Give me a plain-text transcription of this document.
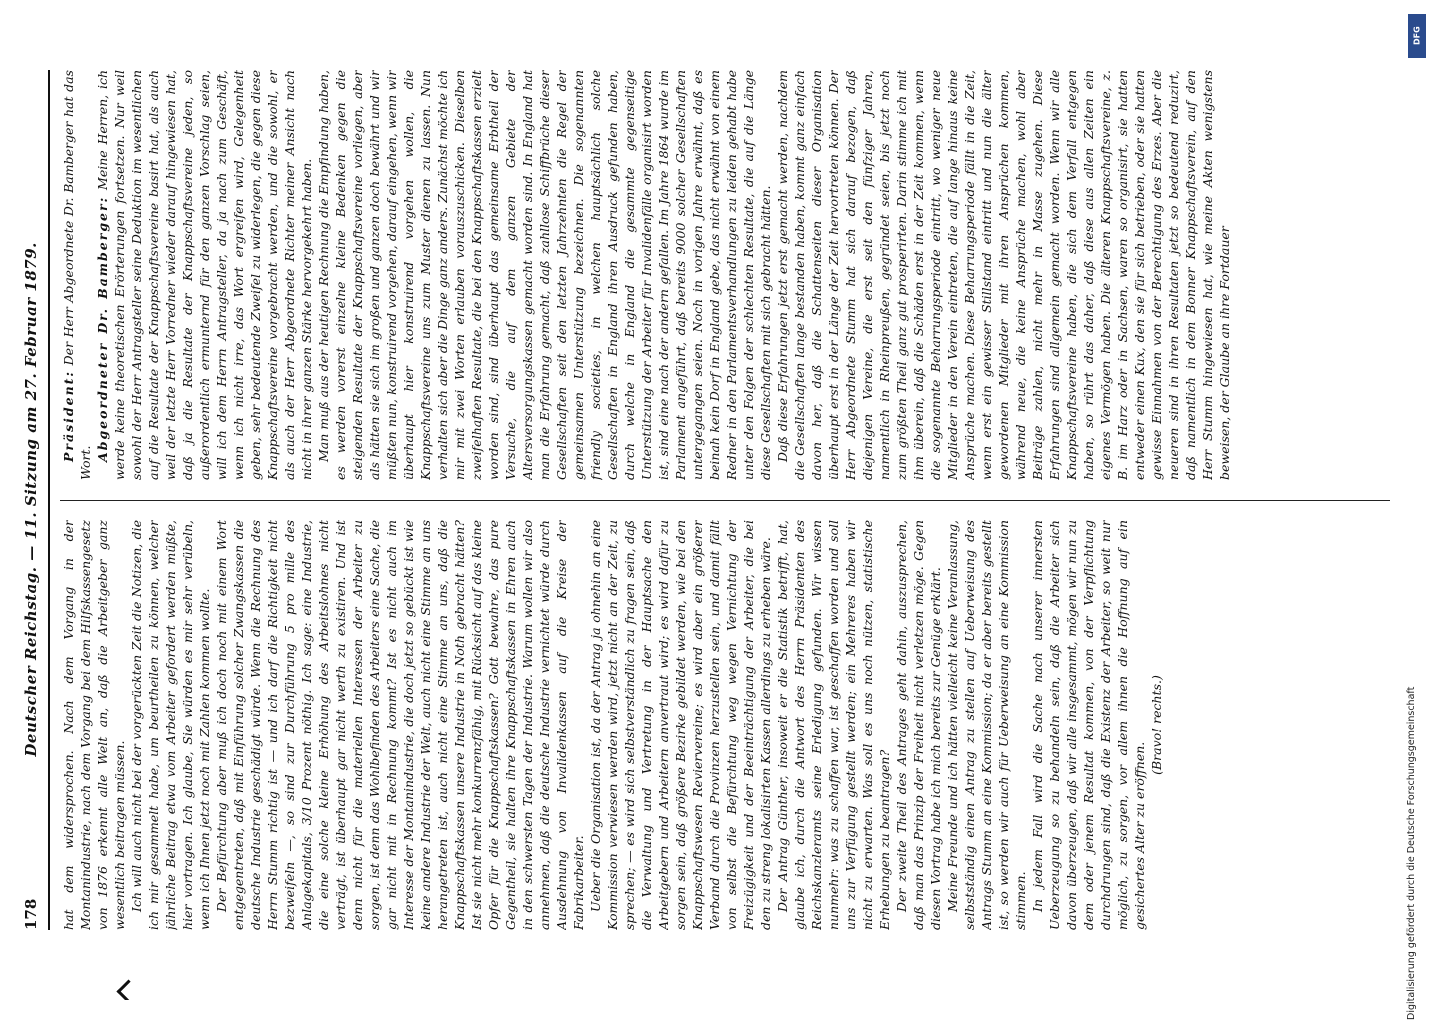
178
Deutscher Reichstag. — 11. Sitzung am 27. Februar 1879. hat dem widersprochen. Nach dem Vorgang in der Montanindustrie, nach dem Vorgang bei dem Hilfskassengesetz von 1876 erkennt alle Welt an, daß die Arbeitgeber ganz wesentlich beitragen müssen. Ich will auch nicht bei der vorgerückten Zeit die Notizen, die ich mir gesammelt habe, um beurtheilen zu können, welcher jährliche Beitrag etwa vom Arbeiter gefordert werden müßte, hier vortragen. Ich glaube, Sie würden es mir sehr verübeln, wenn ich Ihnen jetzt noch mit Zahlen kommen wollte. Der Befürchtung aber muß ich doch noch mit einem Wort entgegentreten, daß mit Einführung solcher Zwangskassen die deutsche Industrie geschädigt würde. Wenn die Rechnung des Herrn Stumm richtig ist — und ich darf die Richtigkeit nicht bezweifeln —, so sind zur Durchführung 5 pro mille des Anlagekapitals, 3/10 Prozent nöthig. Ich sage: eine Industrie, die eine solche kleine Erhöhung des Arbeitslohnes nicht verträgt, ist überhaupt gar nicht werth zu existiren. Und ist denn nicht für die materiellen Interessen der Arbeiter zu sorgen, ist denn das Wohlbefinden des Arbeiters eine Sache, die gar nicht mit in Rechnung kommt? Ist es nicht auch im Interesse der Montanindustrie, die doch jetzt so gebückt ist wie keine andere Industrie der Welt, auch nicht eine Stimme an uns herangetreten ist, auch nicht eine Stimme an uns, daß die Knappschaftskassen unsere Industrie in Noth gebracht hätten? Ist sie nicht mehr konkurrenzfähig, mit Rücksicht auf das kleine Opfer für die Knappschaftskassen? Gott bewahre, das pure Gegentheil, sie halten ihre Knappschaftskassen in Ehren auch in den schwersten Tagen der Industrie. Warum wollen wir also annehmen, daß die deutsche Industrie vernichtet würde durch Ausdehnung von Invalidenkassen auf die Kreise der Fabrikarbeiter. Ueber die Organisation ist, da der Antrag ja ohnehin an eine Kommission verwiesen werden wird, jetzt nicht an der Zeit, zu sprechen; — es wird sich selbstverständlich zu fragen sein, daß die Verwaltung und Vertretung in der Hauptsache den Arbeitgebern und Arbeitern anvertraut wird; es wird dafür zu sorgen sein, daß größere Bezirke gebildet werden, wie bei den Knappschaftswesen Reviervereine; es wird aber ein größerer Verband durch die Provinzen herzustellen sein, und damit fällt von selbst die Befürchtung weg wegen Vernichtung der Freizügigkeit und der Beeinträchtigung der Arbeiter, die bei den zu streng lokalisirten Kassen allerdings zu erheben wäre. Der Antrag Günther, insoweit er die Statistik betrifft, hat, glaube ich, durch die Antwort des Herrn Präsidenten des Reichskanzleramts seine Erledigung gefunden. Wir wissen nunmehr: was zu schaffen war, ist geschaffen worden und soll uns zur Verfügung gestellt werden; ein Mehreres haben wir nicht zu erwarten. Was soll es uns noch nützen, statistische Erhebungen zu beantragen? Der zweite Theil des Antrages geht dahin, auszusprechen, daß man das Prinzip der Freiheit nicht verletzen möge. Gegen diesen Vortrag habe ich mich bereits zur Genüge erklärt. Meine Freunde und ich hätten vielleicht keine Veranlassung, selbstständig einen Antrag zu stellen auf Ueberweisung des Antrags Stumm an eine Kommission; da er aber bereits gestellt ist, so werden wir auch für Ueberweisung an eine Kommission stimmen. In jedem Fall wird die Sache nach unserer innersten Ueberzeugung so zu behandeln sein, daß die Arbeiter sich davon überzeugen, daß wir alle insgesammt, mögen wir nun zu dem oder jenem Resultat kommen, von der Verpflichtung durchdrungen sind, daß die Existenz der Arbeiter, so weit nur möglich, zu sorgen, vor allem ihnen die Hoffnung auf ein gesichertes Alter zu eröffnen.

(Bravo! rechts.)

Präsident: Der Herr Abgeordnete Dr. Bamberger hat das Wort.

Abgeordneter Dr. Bamberger: Meine Herren, ich werde keine theoretischen Erörterungen fortsetzen. Nur weil sowohl der Herr Antragsteller seine Deduktion im wesentlichen auf die Resultate der Knappschaftsvereine basirt hat, als auch weil der letzte Herr Vorredner wieder darauf hingewiesen hat, daß ja die Resultate der Knappschaftsvereine jeden, so außerordentlich ermunternd für den ganzen Vorschlag seien, will ich dem Herrn Antragsteller, da ja nach zum Geschäft, wenn ich nicht irre, das Wort ergreifen wird, Gelegenheit geben, sehr bedeutende Zweifel zu widerlegen, die gegen diese Knappschaftsvereine vorgebracht werden, und die sowohl, er als auch der Herr Abgeordnete Richter meiner Ansicht nach nicht in ihrer ganzen Stärke hervorgekehrt haben. Man muß aus der heutigen Rechnung die Empfindung haben, es werden vorerst einzelne kleine Bedenken gegen die steigenden Resultate der Knappschaftsvereine vorliegen, aber als hätten sie sich im großen und ganzen doch bewährt und wir müßten nun, konstruirend vorgehen, darauf eingehen, wenn wir überhaupt hier konstruirend vorgehen wollen, die Knappschaftsvereine uns zum Muster dienen zu lassen. Nun verhalten sich aber die Dinge ganz anders. Zunächst möchte ich mir mit zwei Worten erlauben vorauszuschicken. Dieselben zweifelhaften Resultate, die bei den Knappschaftskassen erzielt worden sind, sind überhaupt das gemeinsame Erbtheil der Versuche, die auf dem ganzen Gebiete der Altersversorgungskassen gemacht worden sind. In England hat man die Erfahrung gemacht, daß zahllose Schiffbrüche dieser Gesellschaften seit den letzten Jahrzehnten die Regel der gemeinsamen Unterstützung bezeichnen. Die sogenannten friendly societies, in welchen hauptsächlich solche Gesellschaften in England ihren Ausdruck gefunden haben, durch welche in England die gesammte gegenseitige Unterstützung der Arbeiter für Invalidenfälle organisirt worden ist, sind eine nach der andern gefallen. Im Jahre 1864 wurde im Parlament angeführt, daß bereits 9000 solcher Gesellschaften untergegangen seien. Noch in vorigen Jahre erwähnt, daß es beinah kein Dorf in England gebe, das nicht erwähnt von einem Redner in den Parlamentsverhandlungen zu leiden gehabt habe unter den Folgen der schlechten Resultate, die auf die Länge diese Gesellschaften mit sich gebracht hätten. Daß diese Erfahrungen jetzt erst gemacht werden, nachdem die Gesellschaften lange bestanden haben, kommt ganz einfach davon her, daß die Schattenseiten dieser Organisation überhaupt erst in der Länge der Zeit hervortreten können. Der Herr Abgeordnete Stumm hat sich darauf bezogen, daß diejenigen Vereine, die erst seit den fünfziger Jahren, namentlich in Rheinpreußen, gegründet seien, bis jetzt noch zum größten Theil ganz gut prosperirten. Darin stimme ich mit ihm überein, daß die Schäden erst in der Zeit kommen, wenn die sogenannte Beharrungsperiode eintritt, wo weniger neue Mitglieder in den Verein eintreten, die auf lange hinaus keine Ansprüche machen. Diese Beharrungsperiode fällt in die Zeit, wenn erst ein gewisser Stillstand eintritt und nun die älter gewordenen Mitglieder mit ihren Ansprüchen kommen, während neue, die keine Ansprüche machen, wohl aber Beiträge zahlen, nicht mehr in Masse zugehen. Diese Erfahrungen sind allgemein gemacht worden. Wenn wir alle Knappschaftsvereine haben, die sich dem Verfall entgegen haben, so rührt das daher, daß diese aus allen Zeiten ein eigenes Vermögen haben. Die älteren Knappschaftsvereine, z. B. im Harz oder in Sachsen, waren so organisirt, sie hatten entweder einen Kux, den sie für sich betrieben, oder sie hatten gewisse Einnahmen von der Berechtigung des Erzes. Aber die neueren sind in ihren Resultaten jetzt so bedeutend reduzirt, daß namentlich in dem Bonner Knappschaftsverein, auf den Herr Stumm hingewiesen hat, wie meine Akten wenigstens beweisen, der Glaube an ihre Fortdauer

DFG
Digitalisierung gefördert durch die Deutsche Forschungsgemeinschaft
